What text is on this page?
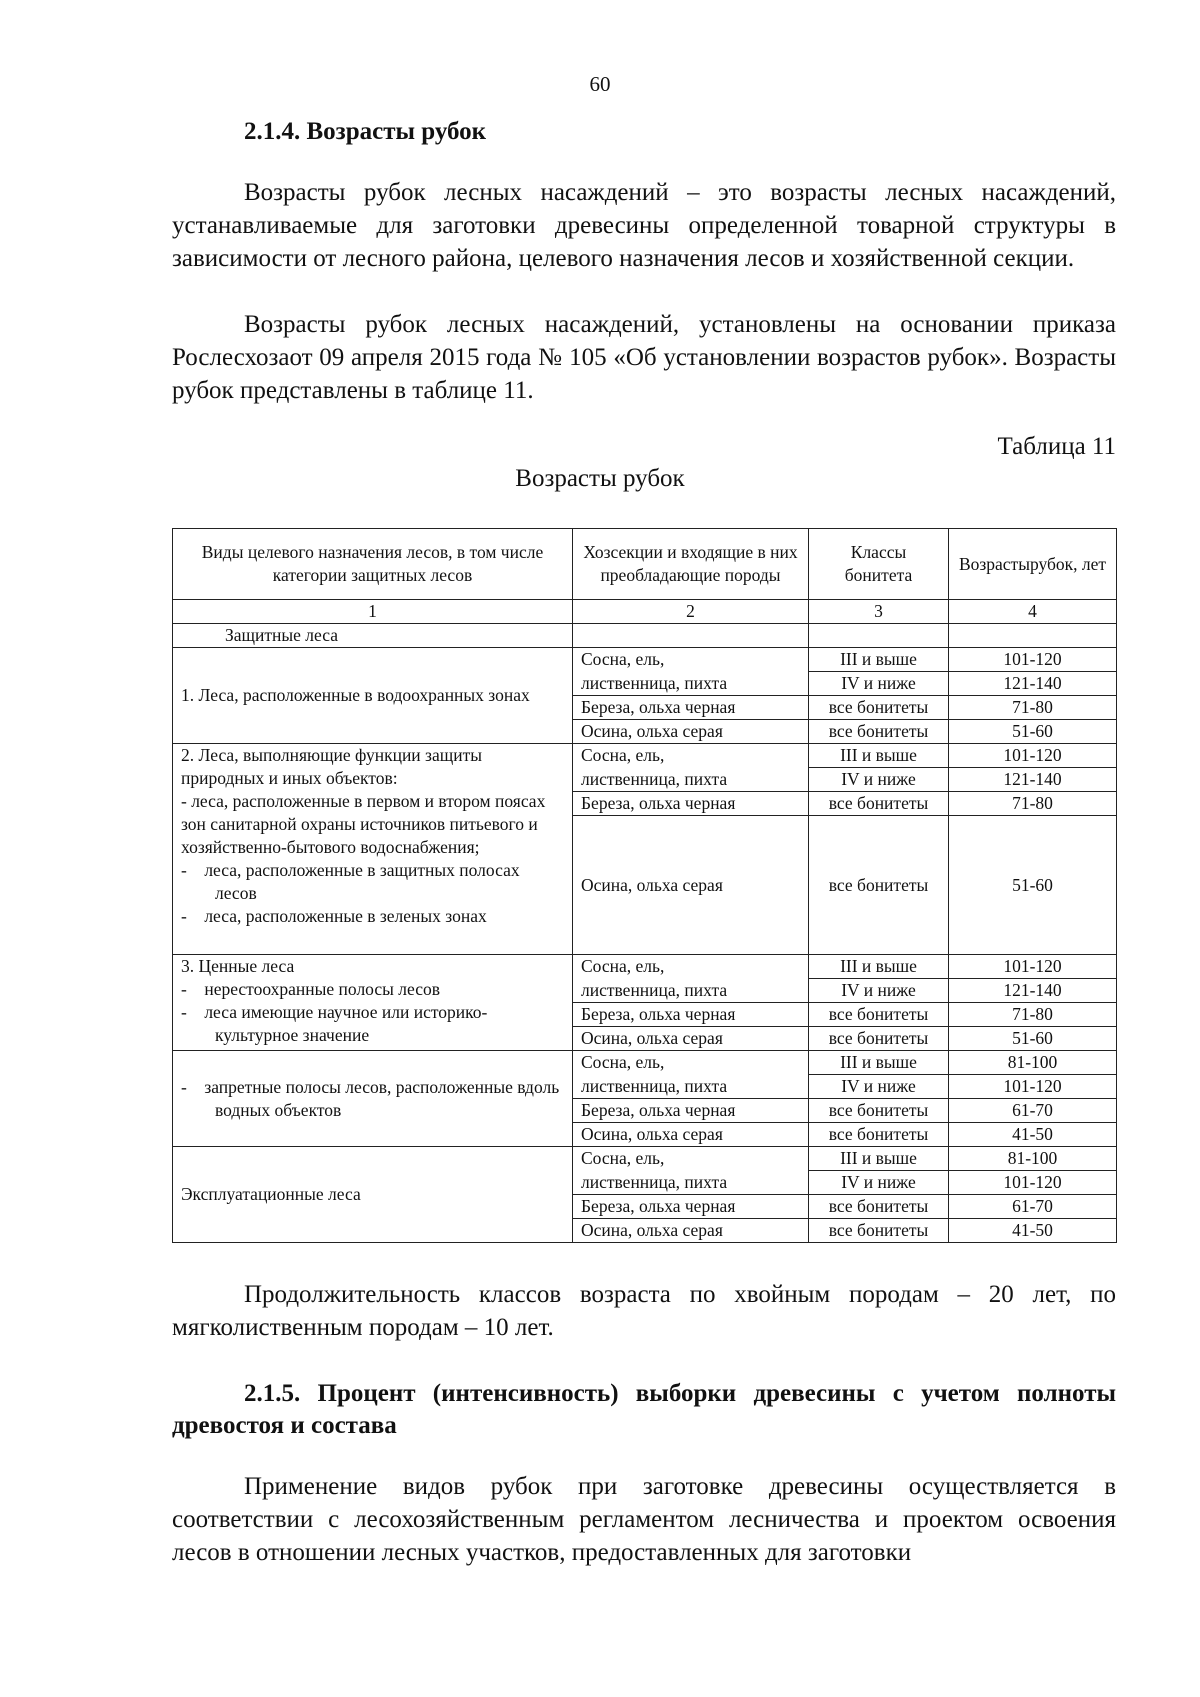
60
2.1.4. Возрасты рубок

Возрасты рубок лесных насаждений – это возрасты лесных насаждений, устанавливаемые для заготовки древесины определенной товарной структуры в зависимости от лесного района, целевого назначения лесов и хозяйственной секции.

Возрасты рубок лесных насаждений, установлены на основании приказа Рослесхозаот 09 апреля 2015 года № 105 «Об установлении возрастов рубок». Возрасты рубок представлены в таблице 11.

Таблица 11
Возрасты рубок
Виды целевого назначения лесов, в том числе категории защитных лесов	Хозсекции и входящие в них преобладающие породы	Классы бонитета	Возрастырубок, лет
1	2	3	4
Защитные леса			
1. Леса, расположенные в водоохранных зонах	Сосна, ель,	III и выше	101-120
	лиственница, пихта	IV и ниже	121-140
	Береза, ольха черная	все бонитеты	71-80
	Осина, ольха серая	все бонитеты	51-60

2. Леса, выполняющие функции защиты природных и иных объектов:
- леса, расположенные в первом и втором поясах зон санитарной охраны источников питьевого и хозяйственно-бытового водоснабжения;
-    леса, расположенные в защитных полосах лесов
-    леса, расположенные в зеленых зонах	Сосна, ель,	III и выше	101-120
	лиственница, пихта	IV и ниже	121-140
	Береза, ольха черная	все бонитеты	71-80
	Осина, ольха серая	все бонитеты	51-60

3. Ценные леса
-    нерестоохранные полосы лесов
-    леса имеющие научное или историко-культурное значение	Сосна, ель,	III и выше	101-120
	лиственница, пихта	IV и ниже	121-140
	Береза, ольха черная	все бонитеты	71-80
	Осина, ольха серая	все бонитеты	51-60

-    запретные полосы лесов, расположенные вдоль водных объектов	Сосна, ель,	III и выше	81-100
	лиственница, пихта	IV и ниже	101-120
	Береза, ольха черная	все бонитеты	61-70
	Осина, ольха серая	все бонитеты	41-50
Эксплуатационные леса	Сосна, ель,	III и выше	81-100
	лиственница, пихта	IV и ниже	101-120
	Береза, ольха черная	все бонитеты	61-70
	Осина, ольха серая	все бонитеты	41-50

Продолжительность классов возраста по хвойным породам – 20 лет, по мягколиственным породам – 10 лет.

2.1.5. Процент (интенсивность) выборки древесины с учетом полноты древостоя и состава

Применение видов рубок при заготовке древесины осуществляется в соответствии с лесохозяйственным регламентом лесничества и проектом освоения лесов в отношении лесных участков, предоставленных для заготовки
